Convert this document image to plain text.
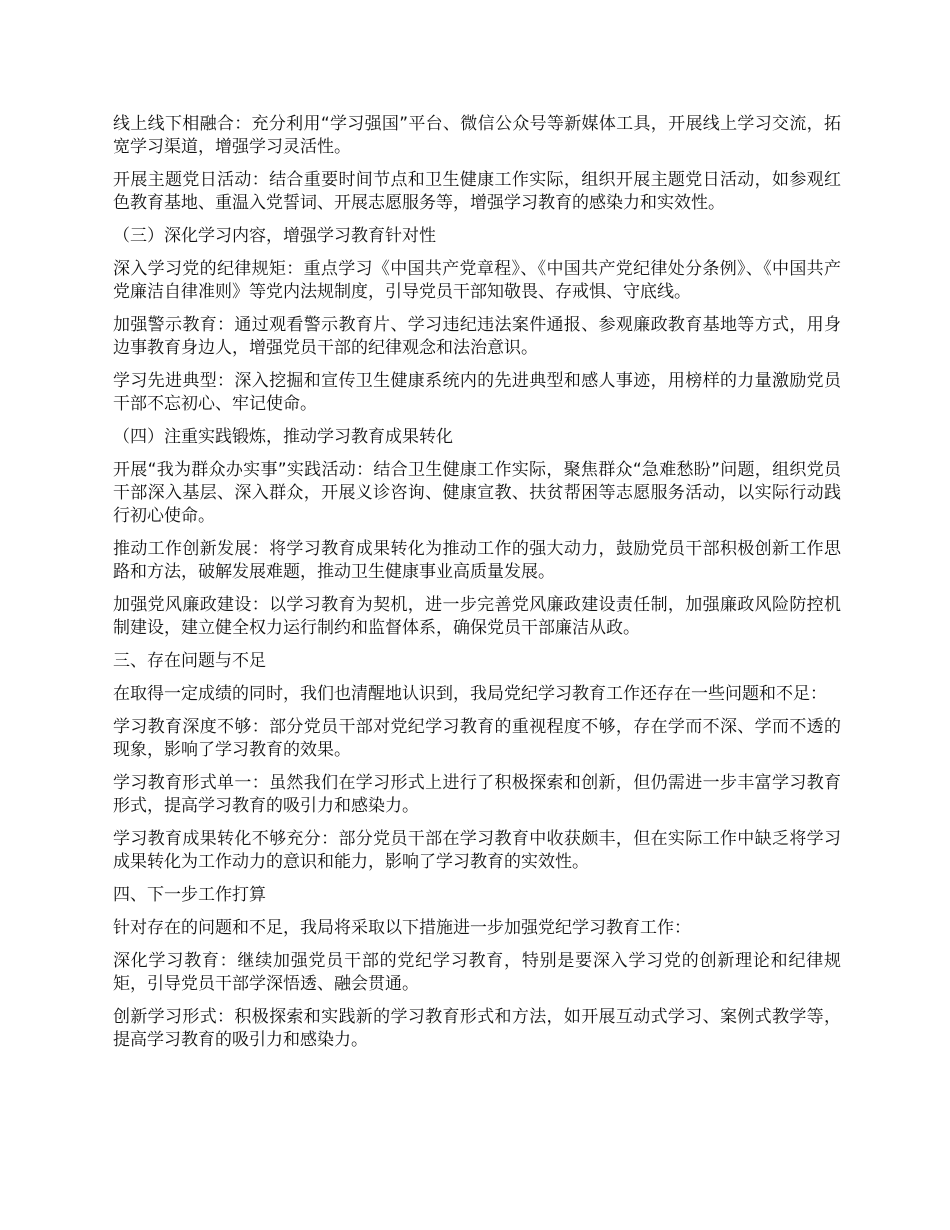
线上线下相融合：充分利用“学习强国”平台、微信公众号等新媒体工具，开展线上学习交流，拓宽学习渠道，增强学习灵活性。

开展主题党日活动：结合重要时间节点和卫生健康工作实际，组织开展主题党日活动，如参观红色教育基地、重温入党誓词、开展志愿服务等，增强学习教育的感染力和实效性。

（三）深化学习内容，增强学习教育针对性

深入学习党的纪律规矩：重点学习《中国共产党章程》、《中国共产党纪律处分条例》、《中国共产党廉洁自律准则》等党内法规制度，引导党员干部知敬畏、存戒惧、守底线。

加强警示教育：通过观看警示教育片、学习违纪违法案件通报、参观廉政教育基地等方式，用身边事教育身边人，增强党员干部的纪律观念和法治意识。

学习先进典型：深入挖掘和宣传卫生健康系统内的先进典型和感人事迹，用榜样的力量激励党员干部不忘初心、牢记使命。

（四）注重实践锻炼，推动学习教育成果转化

开展“我为群众办实事”实践活动：结合卫生健康工作实际，聚焦群众“急难愁盼”问题，组织党员干部深入基层、深入群众，开展义诊咨询、健康宣教、扶贫帮困等志愿服务活动，以实际行动践行初心使命。

推动工作创新发展：将学习教育成果转化为推动工作的强大动力，鼓励党员干部积极创新工作思路和方法，破解发展难题，推动卫生健康事业高质量发展。

加强党风廉政建设：以学习教育为契机，进一步完善党风廉政建设责任制，加强廉政风险防控机制建设，建立健全权力运行制约和监督体系，确保党员干部廉洁从政。

三、存在问题与不足

在取得一定成绩的同时，我们也清醒地认识到，我局党纪学习教育工作还存在一些问题和不足：

学习教育深度不够：部分党员干部对党纪学习教育的重视程度不够，存在学而不深、学而不透的现象，影响了学习教育的效果。

学习教育形式单一：虽然我们在学习形式上进行了积极探索和创新，但仍需进一步丰富学习教育形式，提高学习教育的吸引力和感染力。

学习教育成果转化不够充分：部分党员干部在学习教育中收获颇丰，但在实际工作中缺乏将学习成果转化为工作动力的意识和能力，影响了学习教育的实效性。

四、下一步工作打算

针对存在的问题和不足，我局将采取以下措施进一步加强党纪学习教育工作：

深化学习教育：继续加强党员干部的党纪学习教育，特别是要深入学习党的创新理论和纪律规矩，引导党员干部学深悟透、融会贯通。

创新学习形式：积极探索和实践新的学习教育形式和方法，如开展互动式学习、案例式教学等，提高学习教育的吸引力和感染力。
